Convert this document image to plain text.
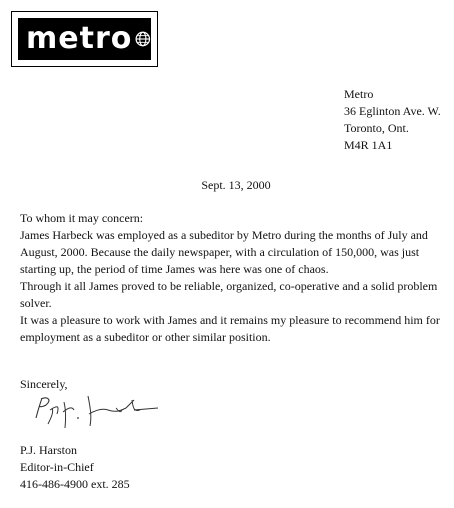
metro
Metro
36 Eglinton Ave. W.
Toronto, Ont.
M4R 1A1
Sept. 13, 2000

To whom it may concern:

James Harbeck was employed as a subeditor by Metro during the months of July and August, 2000. Because the daily newspaper, with a circulation of 150,000, was just starting up, the period of time James was here was one of chaos.

Through it all James proved to be reliable, organized, co-operative and a solid problem solver.

It was a pleasure to work with James and it remains my pleasure to recommend him for employment as a subeditor or other similar position.

Sincerely,
P.J. Harston
Editor-in-Chief
416-486-4900 ext. 285
